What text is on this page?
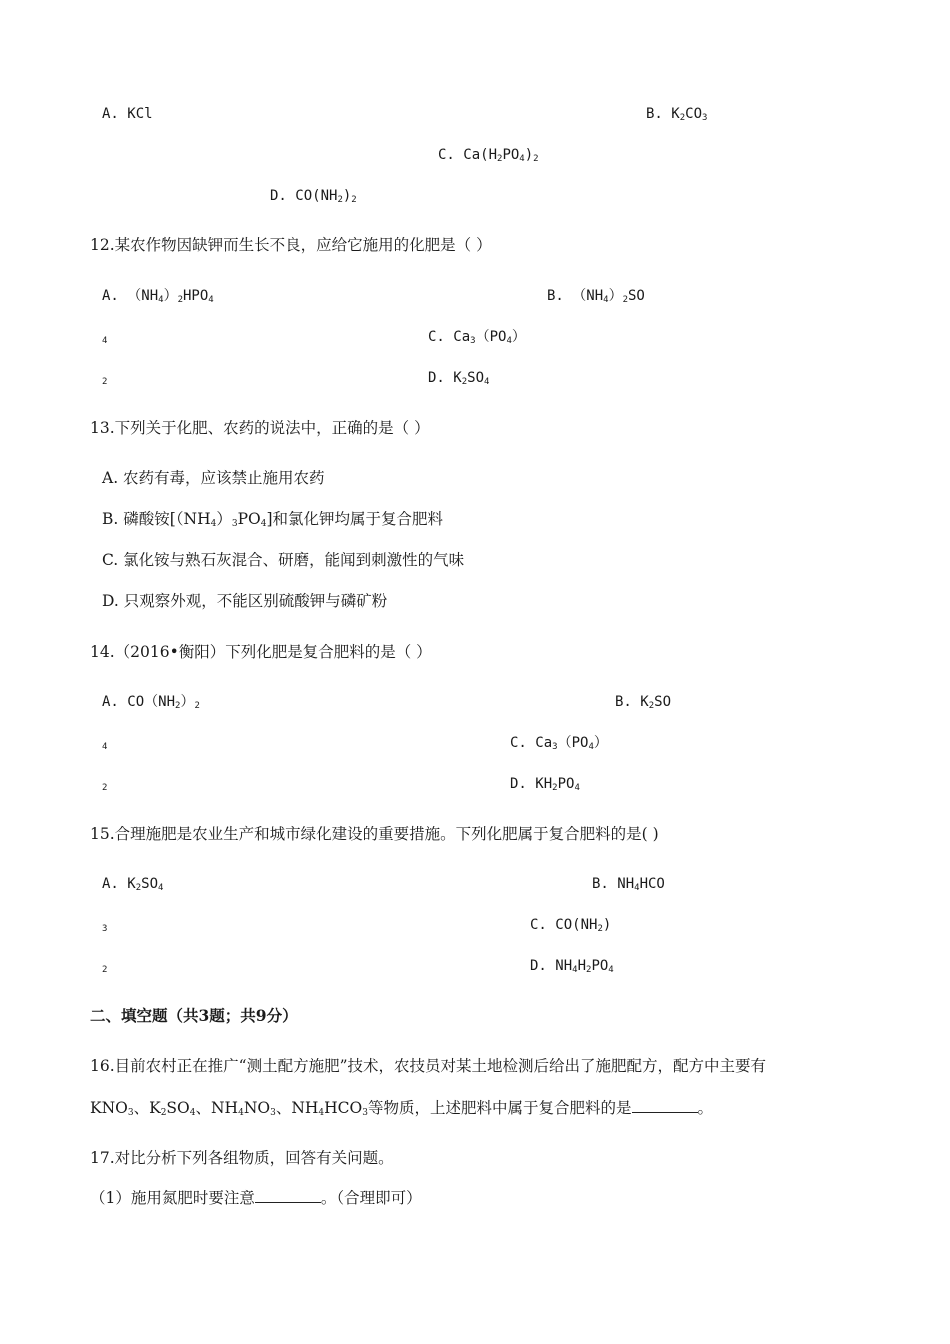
A. KCl	B. $K_2CO_3$
C. $Ca(H_2PO_4)_2$
D. $CO(NH_2)_2$
12.某农作物因缺钾而生长不良，应给它施用的化肥是（ ）
A. $(NH_4)_2HPO_4$	B. $(NH_4)_2SO$
4	C. $Ca_3(PO_4)$
2	D. $K_2SO_4$
13.下列关于化肥、农药的说法中，正确的是（ ）
A. 农药有毒，应该禁止施用农药
B. 磷酸铵$[(NH_4)_3PO_4]$和氯化钾均属于复合肥料
C. 氯化铵与熟石灰混合、研磨，能闻到刺激性的气味
D. 只观察外观，不能区别硫酸钾与磷矿粉
14.（2016•衡阳）下列化肥是复合肥料的是（ ）
A. $CO(NH_2)_2$	B. $K_2SO$
4	C. $Ca_3(PO_4)$
2	D. $KH_2PO_4$
15.合理施肥是农业生产和城市绿化建设的重要措施。下列化肥属于复合肥料的是( )
A. $K_2SO_4$	B. $NH_4HCO$
3	C. $CO(NH_2)$
2	D. $NH_4H_2PO_4$
二、填空题（共3题；共9分）
16.目前农村正在推广“测土配方施肥”技术，农技员对某土地检测后给出了施肥配方，配方中主要有
$KNO_3$、$K_2SO_4$、$NH_4NO_3$、$NH_4HCO_3$等物质，上述肥料中属于复合肥料的是	。
17.对比分析下列各组物质，回答有关问题。
（1）施用氮肥时要注意	。（合理即可）
